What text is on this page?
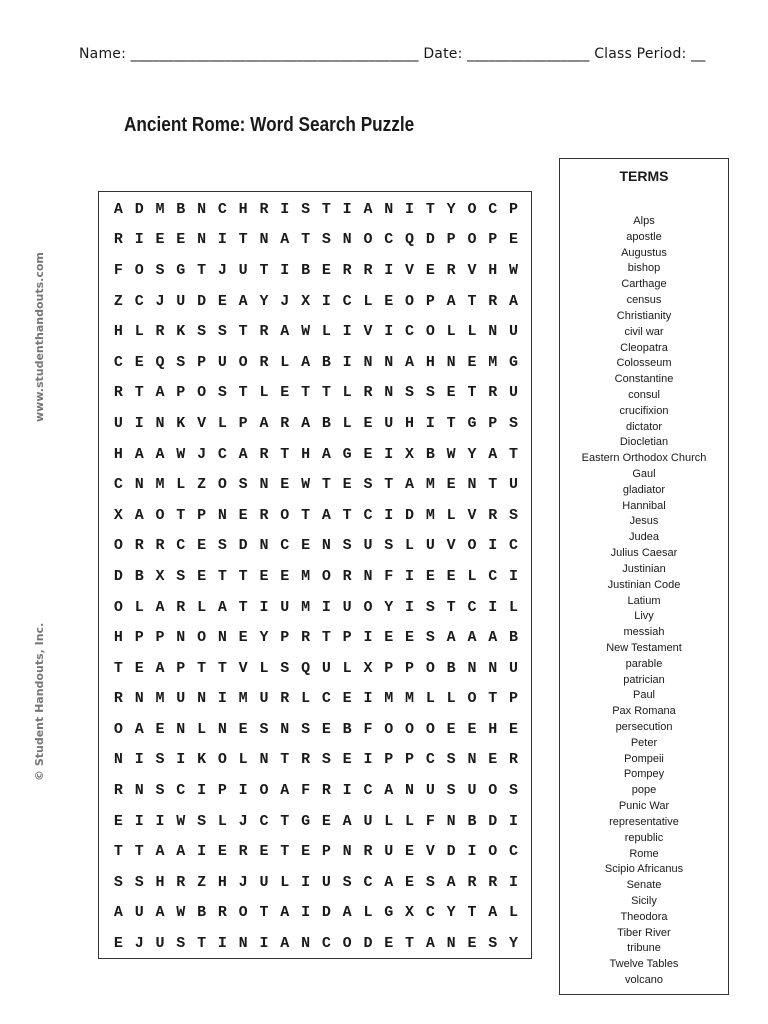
Name: ________________________________________ Date: _________________ Class Period: __
Ancient Rome: Word Search Puzzle
www.studenthandouts.com
© Student Handouts, Inc.
A D M B N C H R I S T I A N I T Y O C P
R I E E N I T N A T S N O C Q D P O P E
F O S G T J U T I B E R R I V E R V H W
Z C J U D E A Y J X I C L E O P A T R A
H L R K S S T R A W L I V I C O L L N U
C E Q S P U O R L A B I N N A H N E M G
R T A P O S T L E T T L R N S S E T R U
U I N K V L P A R A B L E U H I T G P S
H A A W J C A R T H A G E I X B W Y A T
C N M L Z O S N E W T E S T A M E N T U
X A O T P N E R O T A T C I D M L V R S
O R R C E S D N C E N S U S L U V O I C
D B X S E T T E E M O R N F I E E L C I
O L A R L A T I U M I U O Y I S T C I L
H P P N O N E Y P R T P I E E S A A A B
T E A P T T V L S Q U L X P P O B N N U
R N M U N I M U R L C E I M M L L O T P
O A E N L N E S N S E B F O O O E E H E
N I S I K O L N T R S E I P P C S N E R
R N S C I P I O A F R I C A N U S U O S
E I I W S L J C T G E A U L L F N B D I
T T A A I E R E T E P N R U E V D I O C
S S H R Z H J U L I U S C A E S A R R I
A U A W B R O T A I D A L G X C Y T A L
E J U S T I N I A N C O D E T A N E S Y
TERMS
Alps
apostle
Augustus
bishop
Carthage
census
Christianity
civil war
Cleopatra
Colosseum
Constantine
consul
crucifixion
dictator
Diocletian
Eastern Orthodox Church
Gaul
gladiator
Hannibal
Jesus
Judea
Julius Caesar
Justinian
Justinian Code
Latium
Livy
messiah
New Testament
parable
patrician
Paul
Pax Romana
persecution
Peter
Pompeii
Pompey
pope
Punic War
representative
republic
Rome
Scipio Africanus
Senate
Sicily
Theodora
Tiber River
tribune
Twelve Tables
volcano
